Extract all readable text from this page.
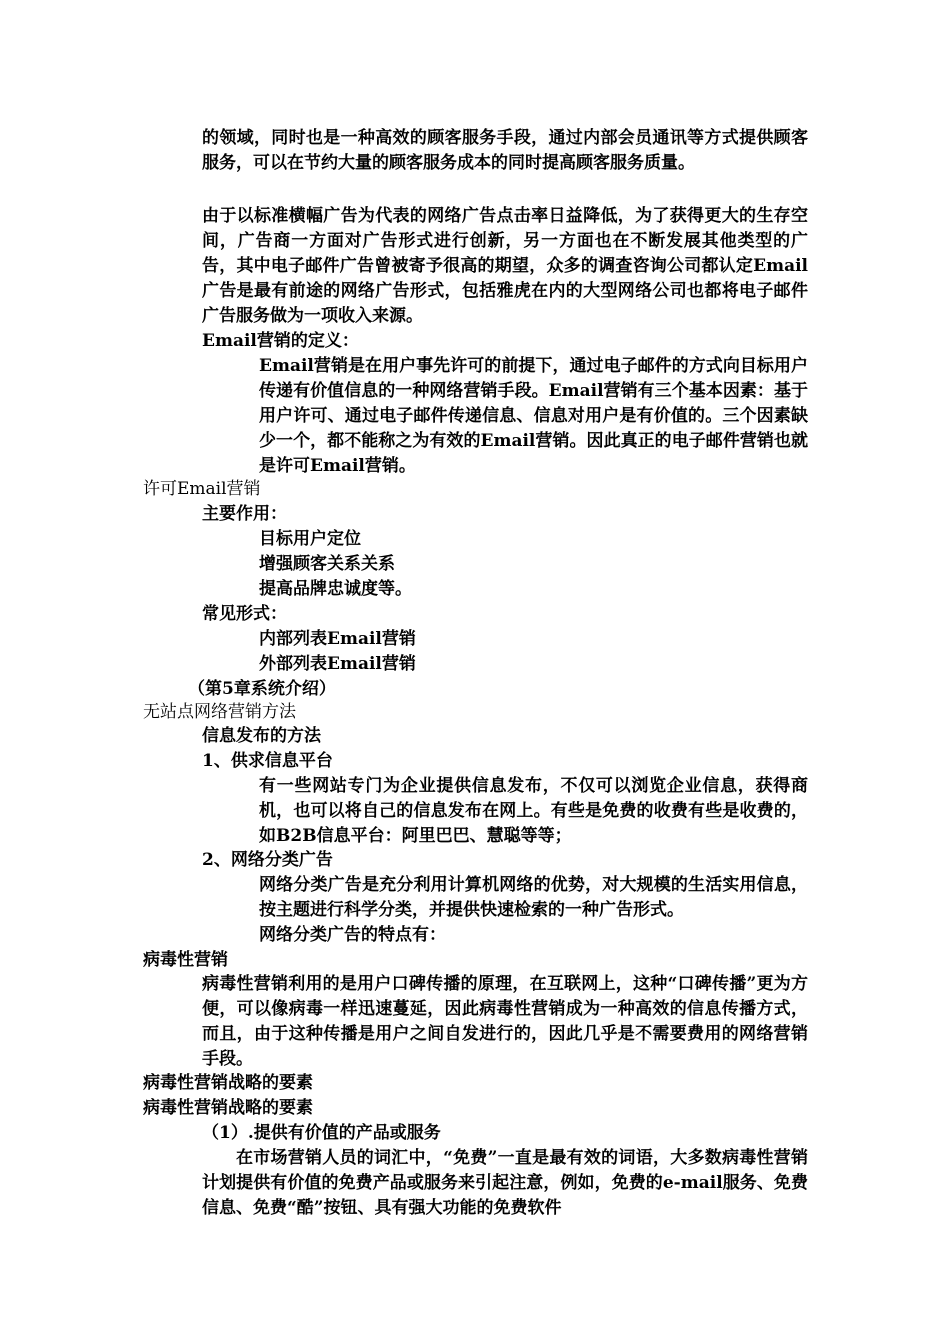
的领域，同时也是一种高效的顾客服务手段，通过内部会员通讯等方式提供顾客服务，可以在节约大量的顾客服务成本的同时提高顾客服务质量。

由于以标准横幅广告为代表的网络广告点击率日益降低，为了获得更大的生存空间，广告商一方面对广告形式进行创新，另一方面也在不断发展其他类型的广告，其中电子邮件广告曾被寄予很高的期望，众多的调查咨询公司都认定Email广告是最有前途的网络广告形式，包括雅虎在内的大型网络公司也都将电子邮件广告服务做为一项收入来源。
Email营销的定义：
Email营销是在用户事先许可的前提下，通过电子邮件的方式向目标用户传递有价值信息的一种网络营销手段。Email营销有三个基本因素：基于用户许可、通过电子邮件传递信息、信息对用户是有价值的。三个因素缺少一个，都不能称之为有效的Email营销。因此真正的电子邮件营销也就是许可Email营销。
许可Email营销
主要作用：
目标用户定位
增强顾客关系关系
提高品牌忠诚度等。
常见形式：
内部列表Email营销
外部列表Email营销

（第5章系统介绍）

无站点网络营销方法
信息发布的方法
1、供求信息平台
有一些网站专门为企业提供信息发布，不仅可以浏览企业信息，获得商机，也可以将自己的信息发布在网上。有些是免费的收费有些是收费的，如B2B信息平台：阿里巴巴、慧聪等等；
2、网络分类广告
网络分类广告是充分利用计算机网络的优势，对大规模的生活实用信息，按主题进行科学分类，并提供快速检索的一种广告形式。
网络分类广告的特点有：
病毒性营销
病毒性营销利用的是用户口碑传播的原理，在互联网上，这种“口碑传播”更为方便，可以像病毒一样迅速蔓延，因此病毒性营销成为一种高效的信息传播方式，而且，由于这种传播是用户之间自发进行的，因此几乎是不需要费用的网络营销手段。
病毒性营销战略的要素
病毒性营销战略的要素
（1）.提供有价值的产品或服务
在市场营销人员的词汇中，“免费”一直是最有效的词语，大多数病毒性营销计划提供有价值的免费产品或服务来引起注意，例如，免费的e-mail服务、免费信息、免费“酷”按钮、具有强大功能的免费软件
